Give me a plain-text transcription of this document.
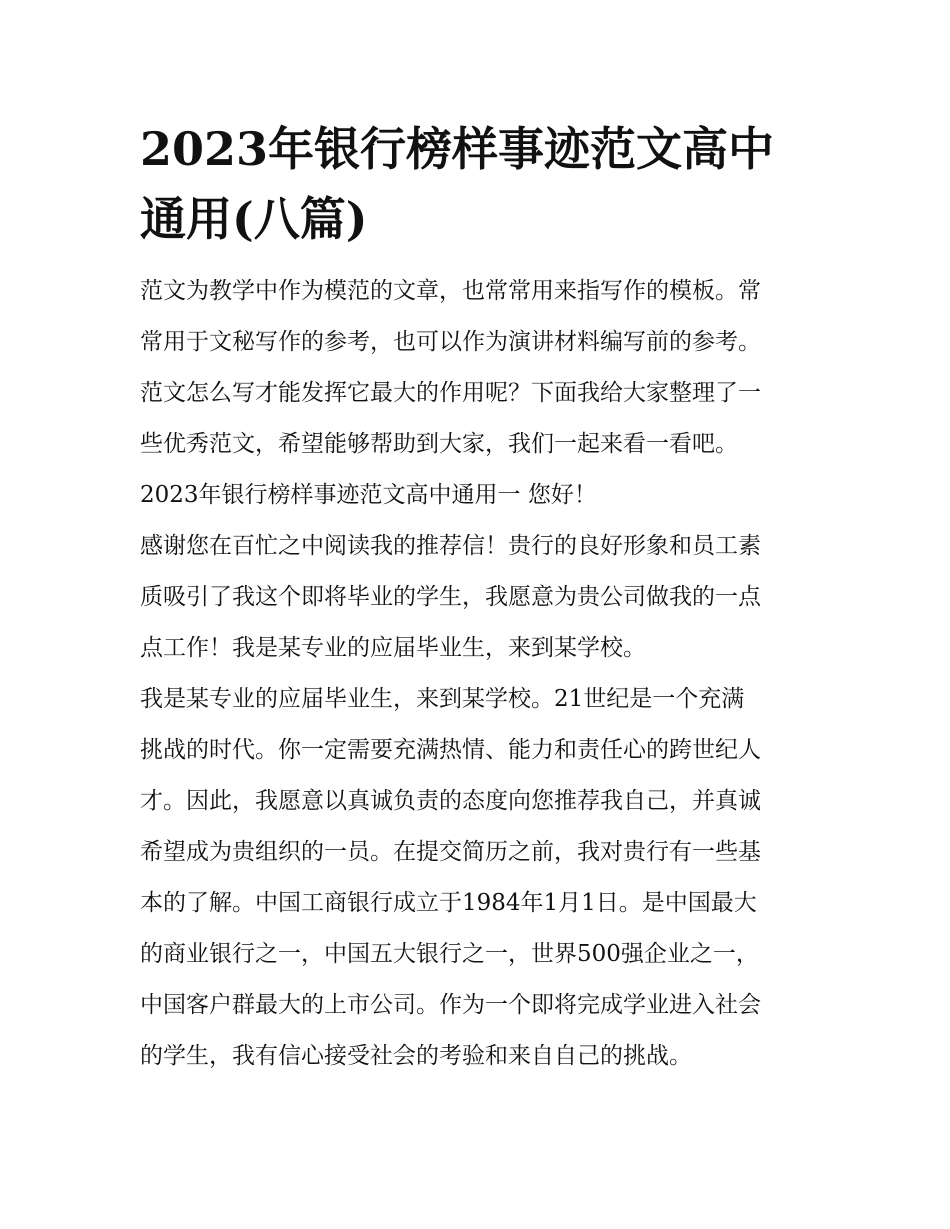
2023年银行榜样事迹范文高中
通用(八篇)

范文为教学中作为模范的文章，也常常用来指写作的模板。常
常用于文秘写作的参考，也可以作为演讲材料编写前的参考。
范文怎么写才能发挥它最大的作用呢？下面我给大家整理了一
些优秀范文，希望能够帮助到大家，我们一起来看一看吧。

2023年银行榜样事迹范文高中通用一 您好！

感谢您在百忙之中阅读我的推荐信！贵行的良好形象和员工素
质吸引了我这个即将毕业的学生，我愿意为贵公司做我的一点
点工作！我是某专业的应届毕业生，来到某学校。

我是某专业的应届毕业生，来到某学校。21世纪是一个充满
挑战的时代。你一定需要充满热情、能力和责任心的跨世纪人
才。因此，我愿意以真诚负责的态度向您推荐我自己，并真诚
希望成为贵组织的一员。在提交简历之前，我对贵行有一些基
本的了解。中国工商银行成立于1984年1月1日。是中国最大
的商业银行之一，中国五大银行之一，世界500强企业之一，
中国客户群最大的上市公司。作为一个即将完成学业进入社会
的学生，我有信心接受社会的考验和来自自己的挑战。
